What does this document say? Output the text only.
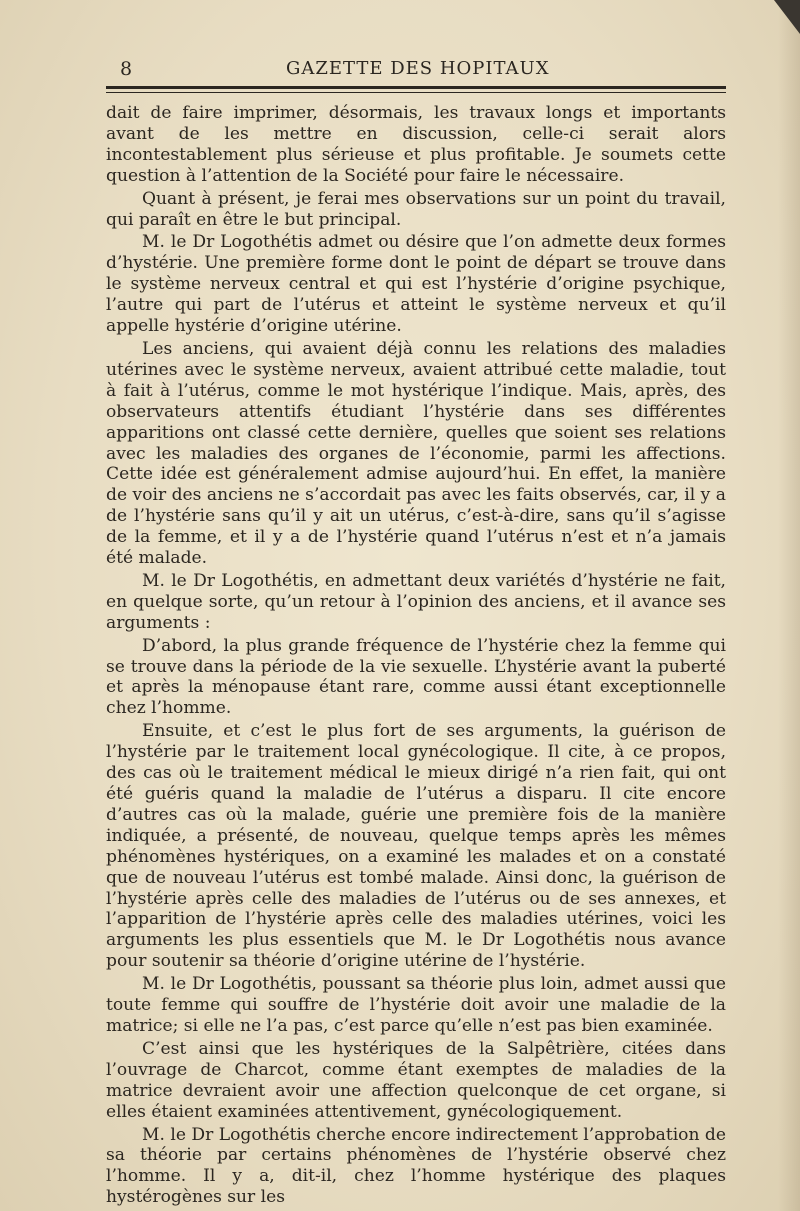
8	GAZETTE DES HOPITAUX

dait de faire imprimer, désormais, les travaux longs et importants avant de les mettre en discussion, celle-ci serait alors incontestablement plus sérieuse et plus profitable. Je soumets cette question à l’attention de la Société pour faire le nécessaire.

Quant à présent, je ferai mes observations sur un point du travail, qui paraît en être le but principal.

M. le Dr Logothétis admet ou désire que l’on admette deux formes d’hystérie. Une première forme dont le point de départ se trouve dans le système nerveux central et qui est l’hystérie d’origine psychique, l’autre qui part de l’utérus et atteint le système nerveux et qu’il appelle hystérie d’origine utérine.

Les anciens, qui avaient déjà connu les relations des maladies utérines avec le système nerveux, avaient attribué cette maladie, tout à fait à l’utérus, comme le mot hystérique l’indique. Mais, après, des observateurs attentifs étudiant l’hystérie dans ses différentes apparitions ont classé cette dernière, quelles que soient ses relations avec les maladies des organes de l’économie, parmi les affections. Cette idée est généralement admise aujourd’hui. En effet, la manière de voir des anciens ne s’accordait pas avec les faits observés, car, il y a de l’hystérie sans qu’il y ait un utérus, c’est-à-dire, sans qu’il s’agisse de la femme, et il y a de l’hystérie quand l’utérus n’est et n’a jamais été malade.

M. le Dr Logothétis, en admettant deux variétés d’hystérie ne fait, en quelque sorte, qu’un retour à l’opinion des anciens, et il avance ses arguments :

D’abord, la plus grande fréquence de l’hystérie chez la femme qui se trouve dans la période de la vie sexuelle. L’hystérie avant la puberté et après la ménopause étant rare, comme aussi étant exceptionnelle chez l’homme.

Ensuite, et c’est le plus fort de ses arguments, la guérison de l’hystérie par le traitement local gynécologique. Il cite, à ce propos, des cas où le traitement médical le mieux dirigé n’a rien fait, qui ont été guéris quand la maladie de l’utérus a disparu. Il cite encore d’autres cas où la malade, guérie une première fois de la manière indiquée, a présenté, de nouveau, quelque temps après les mêmes phénomènes hystériques, on a examiné les malades et on a constaté que de nouveau l’utérus est tombé malade. Ainsi donc, la guérison de l’hystérie après celle des maladies de l’utérus ou de ses annexes, et l’apparition de l’hystérie après celle des maladies utérines, voici les arguments les plus essentiels que M. le Dr Logothétis nous avance pour soutenir sa théorie d’origine utérine de l’hystérie.

M. le Dr Logothétis, poussant sa théorie plus loin, admet aussi que toute femme qui souffre de l’hystérie doit avoir une maladie de la matrice; si elle ne l’a pas, c’est parce qu’elle n’est pas bien examinée.

C’est ainsi que les hystériques de la Salpêtrière, citées dans l’ouvrage de Charcot, comme étant exemptes de maladies de la matrice devraient avoir une affection quelconque de cet organe, si elles étaient examinées attentivement, gynécologiquement.

M. le Dr Logothétis cherche encore indirectement l’approbation de sa théorie par certains phénomènes de l’hystérie observé chez l’homme. Il y a, dit-il, chez l’homme hystérique des plaques hystérogènes sur les
